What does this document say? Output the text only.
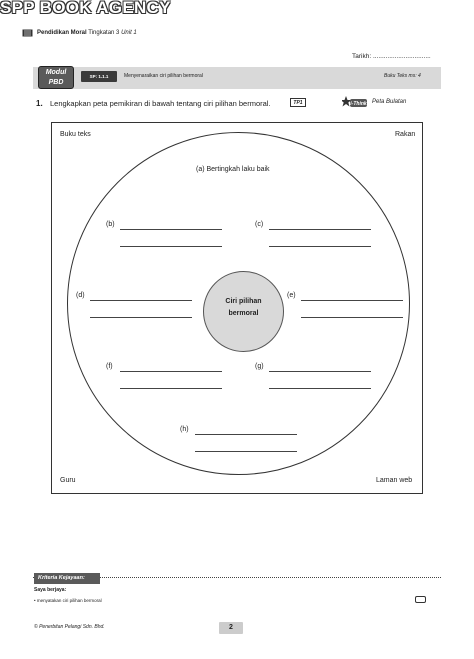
SPP BOOK AGENCY
Pendidikan Moral Tingkatan 3 Unit 1
Tarikh: ................................
Modul
PBD
SP: 1.1.1	Menyenaraikan ciri pilihan bermoral	Buku Teks ms: 4
1. Lengkapkan peta pemikiran di bawah tentang ciri pilihan bermoral.	TP1	i-Think Peta Bulatan
Buku teks	Rakan
Guru	Laman web
Ciri pilihan
bermoral
(a) Bertingkah laku baik
(b)	(c)
(d)	(e)
(f)	(g)
(h)
Kriteria Kejayaan:
Saya berjaya:
• menyatakan ciri pilihan bermoral
© Penerbitan Pelangi Sdn. Bhd.	2
